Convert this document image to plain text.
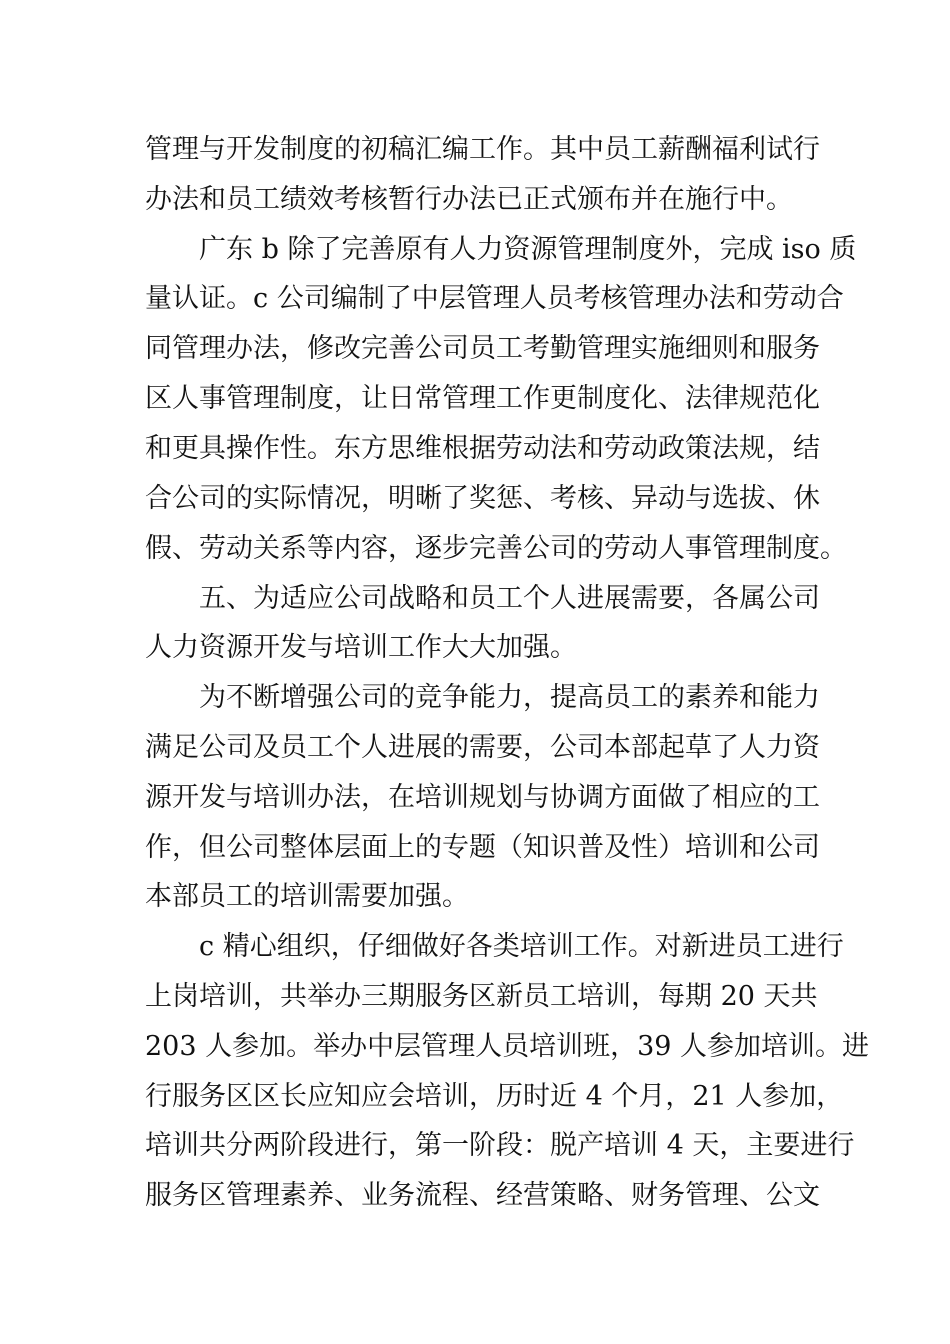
管理与开发制度的初稿汇编工作。其中员工薪酬福利试行
办法和员工绩效考核暂行办法已正式颁布并在施行中。
广东 b 除了完善原有人力资源管理制度外，完成 iso 质
量认证。c 公司编制了中层管理人员考核管理办法和劳动合
同管理办法，修改完善公司员工考勤管理实施细则和服务
区人事管理制度，让日常管理工作更制度化、法律规范化
和更具操作性。东方思维根据劳动法和劳动政策法规，结
合公司的实际情况，明晰了奖惩、考核、异动与选拔、休
假、劳动关系等内容，逐步完善公司的劳动人事管理制度。
五、为适应公司战略和员工个人进展需要，各属公司
人力资源开发与培训工作大大加强。
为不断增强公司的竞争能力，提高员工的素养和能力
满足公司及员工个人进展的需要，公司本部起草了人力资
源开发与培训办法，在培训规划与协调方面做了相应的工
作，但公司整体层面上的专题（知识普及性）培训和公司
本部员工的培训需要加强。
c 精心组织，仔细做好各类培训工作。对新进员工进行
上岗培训，共举办三期服务区新员工培训，每期 20 天共
203 人参加。举办中层管理人员培训班，39 人参加培训。进
行服务区区长应知应会培训，历时近 4 个月，21 人参加，
培训共分两阶段进行，第一阶段：脱产培训 4 天，主要进行
服务区管理素养、业务流程、经营策略、财务管理、公文
